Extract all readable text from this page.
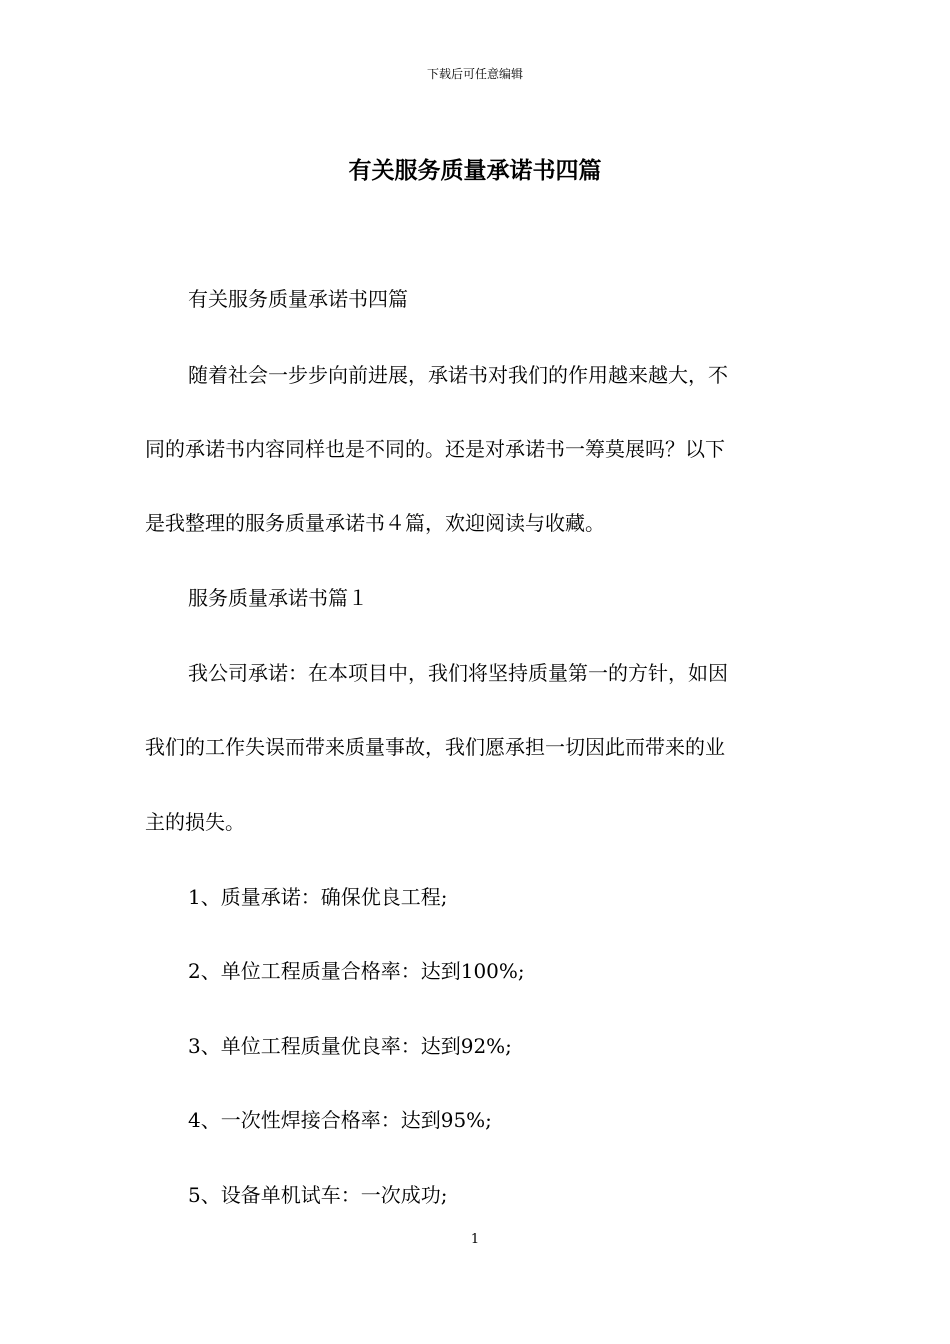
下载后可任意编辑
有关服务质量承诺书四篇
有关服务质量承诺书四篇
随着社会一步步向前进展，承诺书对我们的作用越来越大，不
同的承诺书内容同样也是不同的。还是对承诺书一筹莫展吗？以下
是我整理的服务质量承诺书４篇，欢迎阅读与收藏。
服务质量承诺书篇１
我公司承诺：在本项目中，我们将坚持质量第一的方针，如因
我们的工作失误而带来质量事故，我们愿承担一切因此而带来的业
主的损失。
1、质量承诺：确保优良工程;
2、单位工程质量合格率：达到100%;
3、单位工程质量优良率：达到92%;
4、一次性焊接合格率：达到95%;
5、设备单机试车：一次成功;
1
